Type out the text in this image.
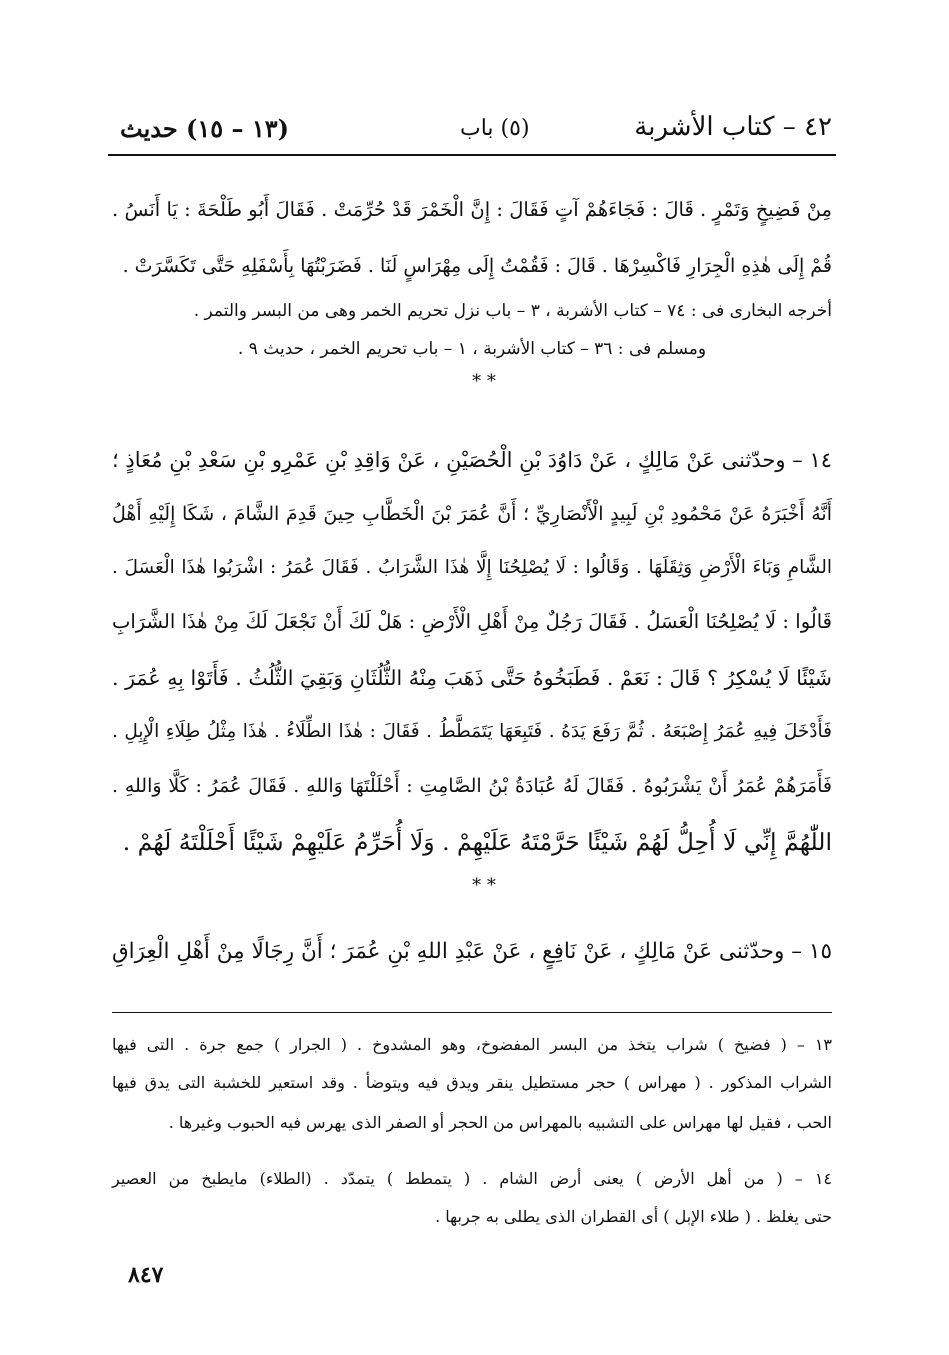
٤٢ – كتاب الأشربة
(٥) باب
(١٣ – ١٥) حديث
مِنْ فَضِيخٍ وَتَمْرٍ . قَالَ : فَجَاءَهُمْ آتٍ فَقَالَ : إِنَّ الْخَمْرَ قَدْ حُرِّمَتْ . فَقَالَ أَبُو طَلْحَةَ : يَا أَنَسُ .
قُمْ إِلَى هٰذِهِ الْجِرَارِ فَاكْسِرْهَا . قَالَ : فَقُمْتُ إِلَى مِهْرَاسٍ لَنَا . فَضَرَبْتُهَا بِأَسْفَلِهِ حَتَّى تَكَسَّرَتْ .
أخرجه البخارى فى : ٧٤ – كتاب الأشربة ، ٣ – باب نزل تحريم الخمر وهى من البسر والتمر .
ومسلم فى : ٣٦ – كتاب الأشربة ، ١ – باب تحريم الخمر ، حديث ٩ .
* *
١٤ – وحدّثنى عَنْ مَالِكٍ ، عَنْ دَاوُدَ بْنِ الْحُصَيْنِ ، عَنْ وَاقِدِ بْنِ عَمْرِو بْنِ سَعْدِ بْنِ مُعَاذٍ ؛
أَنَّهُ أَخْبَرَهُ عَنْ مَحْمُودِ بْنِ لَبِيدٍ الْأَنْصَارِيِّ ؛ أَنَّ عُمَرَ بْنَ الْخَطَّابِ حِينَ قَدِمَ الشَّامَ ، شَكَا إِلَيْهِ أَهْلُ
الشَّامِ وَبَاءَ الْأَرْضِ وَثِقَلَهَا . وَقَالُوا : لَا يُصْلِحُنَا إِلَّا هٰذَا الشَّرَابُ . فَقَالَ عُمَرُ : اشْرَبُوا هٰذَا الْعَسَلَ .
قَالُوا : لَا يُصْلِحُنَا الْعَسَلُ . فَقَالَ رَجُلٌ مِنْ أَهْلِ الْأَرْضِ : هَلْ لَكَ أَنْ نَجْعَلَ لَكَ مِنْ هٰذَا الشَّرَابِ
شَيْئًا لَا يُسْكِرُ ؟ قَالَ : نَعَمْ . فَطَبَخُوهُ حَتَّى ذَهَبَ مِنْهُ الثُّلُثَانِ وَبَقِيَ الثُّلُثُ . فَأَتَوْا بِهِ عُمَرَ .
فَأَدْخَلَ فِيهِ عُمَرُ إِصْبَعَهُ . ثُمَّ رَفَعَ يَدَهُ . فَتَبِعَهَا يَتَمَطَّطُ . فَقَالَ : هٰذَا الطِّلَاءُ . هٰذَا مِثْلُ طِلَاءِ الْإِبِلِ .
فَأَمَرَهُمْ عُمَرُ أَنْ يَشْرَبُوهُ . فَقَالَ لَهُ عُبَادَةُ بْنُ الصَّامِتِ : أَحْلَلْتَهَا وَاللهِ . فَقَالَ عُمَرُ : كَلَّا وَاللهِ .
اللّٰهُمَّ إِنِّي لَا أُحِلُّ لَهُمْ شَيْئًا حَرَّمْتَهُ عَلَيْهِمْ . وَلَا أُحَرِّمُ عَلَيْهِمْ شَيْئًا أَحْلَلْتَهُ لَهُمْ .
* *
١٥ – وحدّثنى عَنْ مَالِكٍ ، عَنْ نَافِعٍ ، عَنْ عَبْدِ اللهِ بْنِ عُمَرَ ؛ أَنَّ رِجَالًا مِنْ أَهْلِ الْعِرَاقِ
١٣ – ( فضيخ ) شراب يتخذ من البسر المفضوخ، وهو المشدوخ . ( الجرار ) جمع جرة . التى فيها
الشراب المذكور . ( مهراس ) حجر مستطيل ينقر ويدق فيه ويتوضأ . وقد استعير للخشبة التى يدق فيها
الحب ، فقيل لها مهراس على التشبيه بالمهراس من الحجر أو الصفر الذى يهرس فيه الحبوب وغيرها .
١٤ – ( من أهل الأرض ) يعنى أرض الشام . ( يتمطط ) يتمدّد . (الطلاء) مايطبخ من العصير
حتى يغلظ . ( طلاء الإبل ) أى القطران الذى يطلى به جربها .
٨٤٧
